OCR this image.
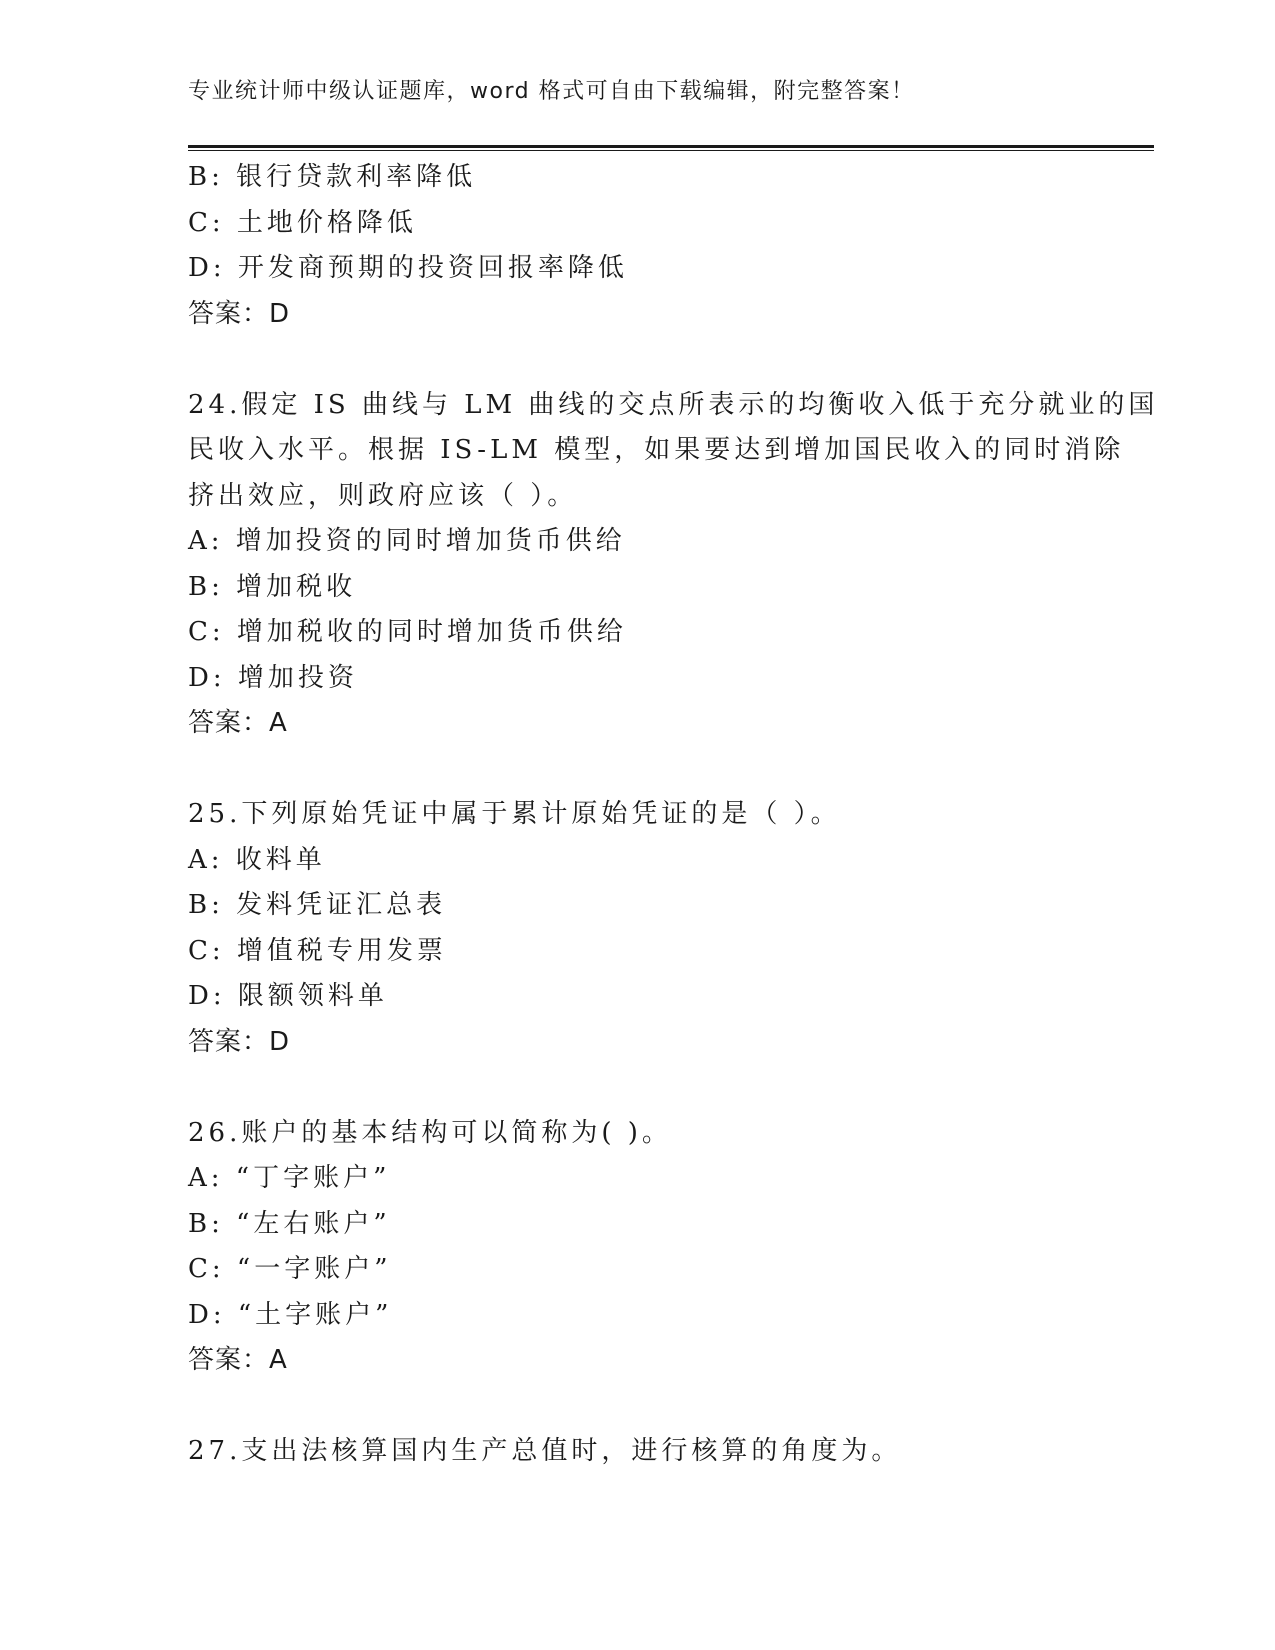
专业统计师中级认证题库，word 格式可自由下载编辑，附完整答案！
B: 银行贷款利率降低
C: 土地价格降低
D: 开发商预期的投资回报率降低
答案：D
24.假定 IS 曲线与 LM 曲线的交点所表示的均衡收入低于充分就业的国
民收入水平。根据 IS-LM 模型，如果要达到增加国民收入的同时消除
挤出效应，则政府应该（ ）。
A: 增加投资的同时增加货币供给
B: 增加税收
C: 增加税收的同时增加货币供给
D: 增加投资
答案：A
25.下列原始凭证中属于累计原始凭证的是（ ）。
A: 收料单
B: 发料凭证汇总表
C: 增值税专用发票
D: 限额领料单
答案：D
26.账户的基本结构可以简称为( )。
A: “丁字账户”
B: “左右账户”
C: “一字账户”
D: “土字账户”
答案：A
27.支出法核算国内生产总值时，进行核算的角度为。
